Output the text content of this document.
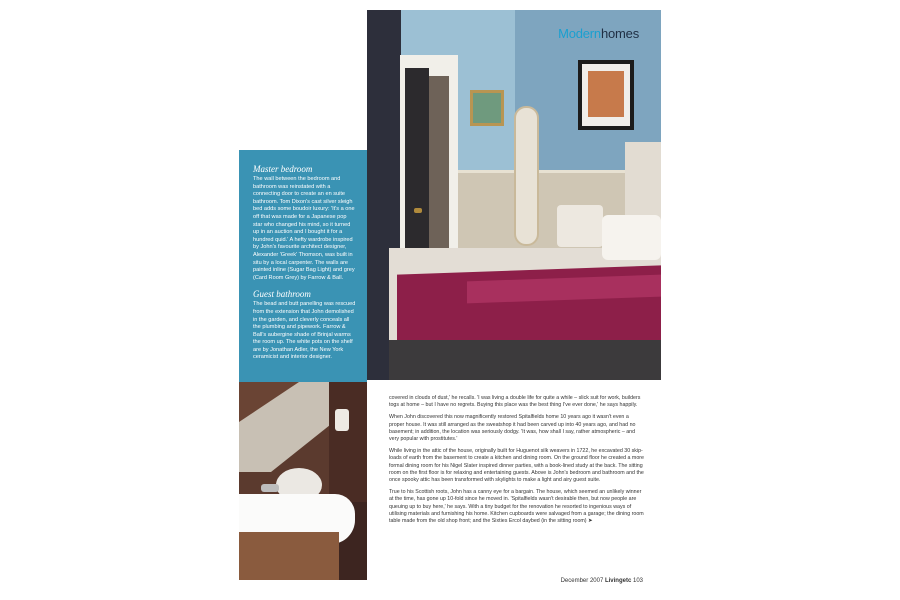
Modernhomes
Master bedroom

The wall between the bedroom and bathroom was reinstated with a connecting door to create an en suite bathroom. Tom Dixon's cast silver sleigh bed adds some boudoir luxury: 'It's a one off that was made for a Japanese pop star who changed his mind, so it turned up in an auction and I bought it for a hundred quid.' A hefty wardrobe inspired by John's favourite architect designer, Alexander 'Greek' Thomson, was built in situ by a local carpenter. The walls are painted inline (Sugar Bag Light) and grey (Card Room Grey) by Farrow & Ball.

Guest bathroom

The bead and butt panelling was rescued from the extension that John demolished in the garden, and cleverly conceals all the plumbing and pipework. Farrow & Ball's aubergine shade of Brinjal warms the room up. The white pots on the shelf are by Jonathan Adler, the New York ceramicist and interior designer.

covered in clouds of dust,' he recalls. 'I was living a double life for quite a while – slick suit for work, builders togs at home – but I have no regrets. Buying this place was the best thing I've ever done,' he says happily.

When John discovered this now magnificently restored Spitalfields home 10 years ago it wasn't even a proper house. It was still arranged as the sweatshop it had been carved up into 40 years ago, and had no basement; in addition, the location was seriously dodgy. 'It was, how shall I say, rather atmospheric – and very popular with prostitutes.'

While living in the attic of the house, originally built for Huguenot silk weavers in 1722, he excavated 30 skip-loads of earth from the basement to create a kitchen and dining room. On the ground floor he created a more formal dining room for his Nigel Slater inspired dinner parties, with a book-lined study at the back. The sitting room on the first floor is for relaxing and entertaining guests. Above is John's bedroom and bathroom and the once spooky attic has been transformed with skylights to make a light and airy guest suite.

True to his Scottish roots, John has a canny eye for a bargain. The house, which seemed an unlikely winner at the time, has gone up 10-fold since he moved in. 'Spitalfields wasn't desirable then, but now people are queuing up to buy here,' he says. With a tiny budget for the renovation he resorted to ingenious ways of utilising materials and furnishing his home. Kitchen cupboards were salvaged from a garage; the dining room table made from the old shop front; and the Sixties Ercol daybed (in the sitting room) ➤

December 2007 Livingetc 103
